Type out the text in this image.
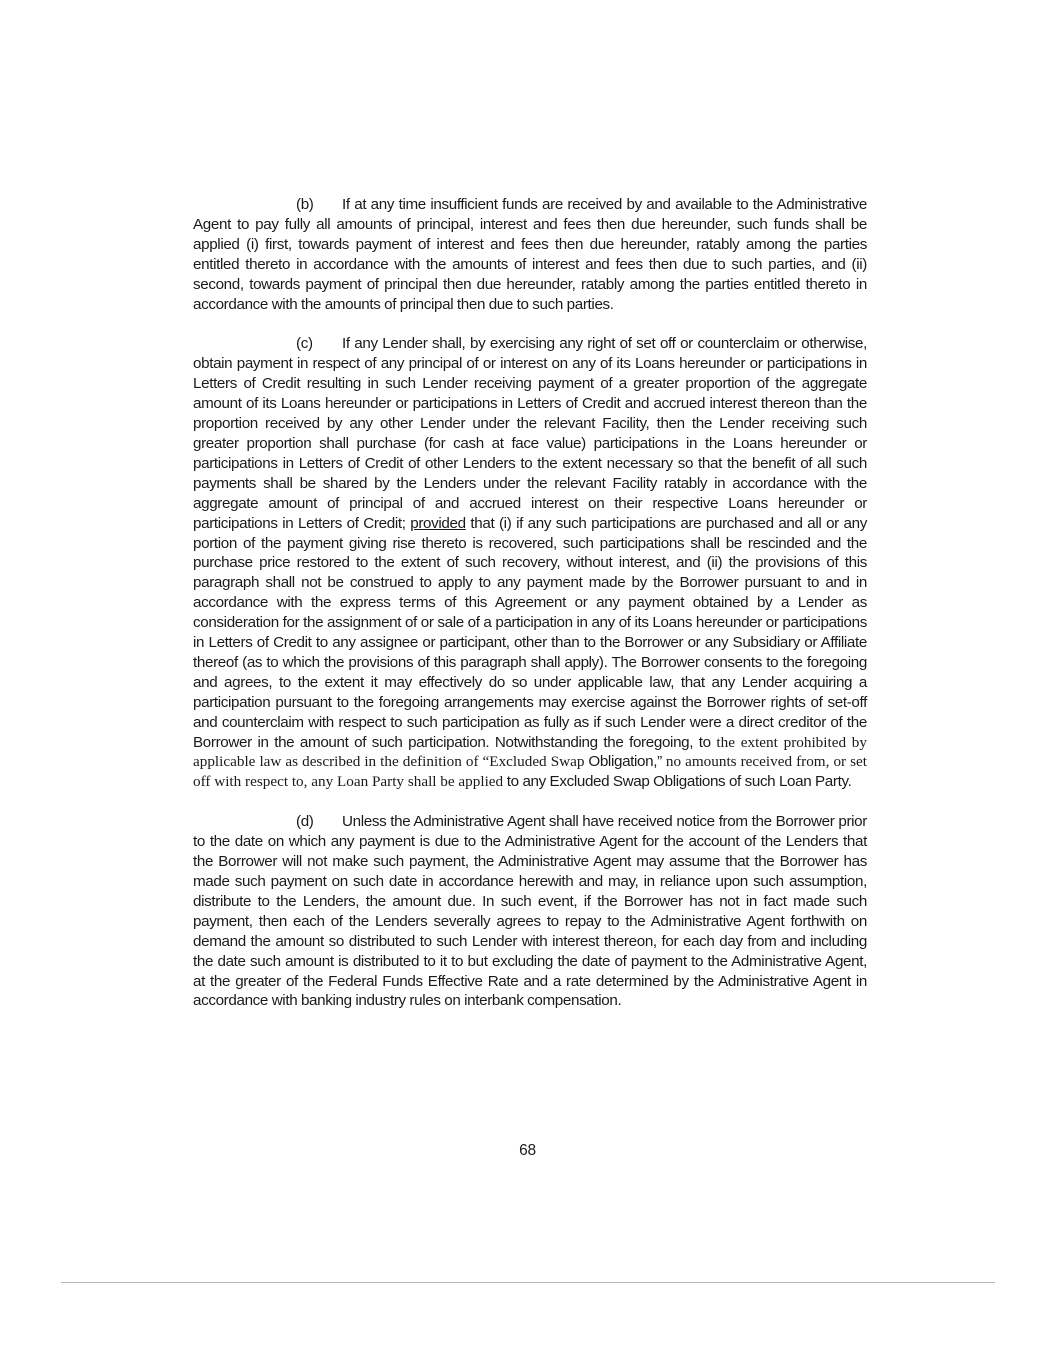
(b) If at any time insufficient funds are received by and available to the Administrative Agent to pay fully all amounts of principal, interest and fees then due hereunder, such funds shall be applied (i) first, towards payment of interest and fees then due hereunder, ratably among the parties entitled thereto in accordance with the amounts of interest and fees then due to such parties, and (ii) second, towards payment of principal then due hereunder, ratably among the parties entitled thereto in accordance with the amounts of principal then due to such parties.

(c) If any Lender shall, by exercising any right of set off or counterclaim or otherwise, obtain payment in respect of any principal of or interest on any of its Loans hereunder or participations in Letters of Credit resulting in such Lender receiving payment of a greater proportion of the aggregate amount of its Loans hereunder or participations in Letters of Credit and accrued interest thereon than the proportion received by any other Lender under the relevant Facility, then the Lender receiving such greater proportion shall purchase (for cash at face value) participations in the Loans hereunder or participations in Letters of Credit of other Lenders to the extent necessary so that the benefit of all such payments shall be shared by the Lenders under the relevant Facility ratably in accordance with the aggregate amount of principal of and accrued interest on their respective Loans hereunder or participations in Letters of Credit; provided that (i) if any such participations are purchased and all or any portion of the payment giving rise thereto is recovered, such participations shall be rescinded and the purchase price restored to the extent of such recovery, without interest, and (ii) the provisions of this paragraph shall not be construed to apply to any payment made by the Borrower pursuant to and in accordance with the express terms of this Agreement or any payment obtained by a Lender as consideration for the assignment of or sale of a participation in any of its Loans hereunder or participations in Letters of Credit to any assignee or participant, other than to the Borrower or any Subsidiary or Affiliate thereof (as to which the provisions of this paragraph shall apply). The Borrower consents to the foregoing and agrees, to the extent it may effectively do so under applicable law, that any Lender acquiring a participation pursuant to the foregoing arrangements may exercise against the Borrower rights of set-off and counterclaim with respect to such participation as fully as if such Lender were a direct creditor of the Borrower in the amount of such participation. Notwithstanding the foregoing, to the extent prohibited by applicable law as described in the definition of “Excluded Swap Obligation,” no amounts received from, or set off with respect to, any Loan Party shall be applied to any Excluded Swap Obligations of such Loan Party.

(d) Unless the Administrative Agent shall have received notice from the Borrower prior to the date on which any payment is due to the Administrative Agent for the account of the Lenders that the Borrower will not make such payment, the Administrative Agent may assume that the Borrower has made such payment on such date in accordance herewith and may, in reliance upon such assumption, distribute to the Lenders, the amount due. In such event, if the Borrower has not in fact made such payment, then each of the Lenders severally agrees to repay to the Administrative Agent forthwith on demand the amount so distributed to such Lender with interest thereon, for each day from and including the date such amount is distributed to it to but excluding the date of payment to the Administrative Agent, at the greater of the Federal Funds Effective Rate and a rate determined by the Administrative Agent in accordance with banking industry rules on interbank compensation.

68
